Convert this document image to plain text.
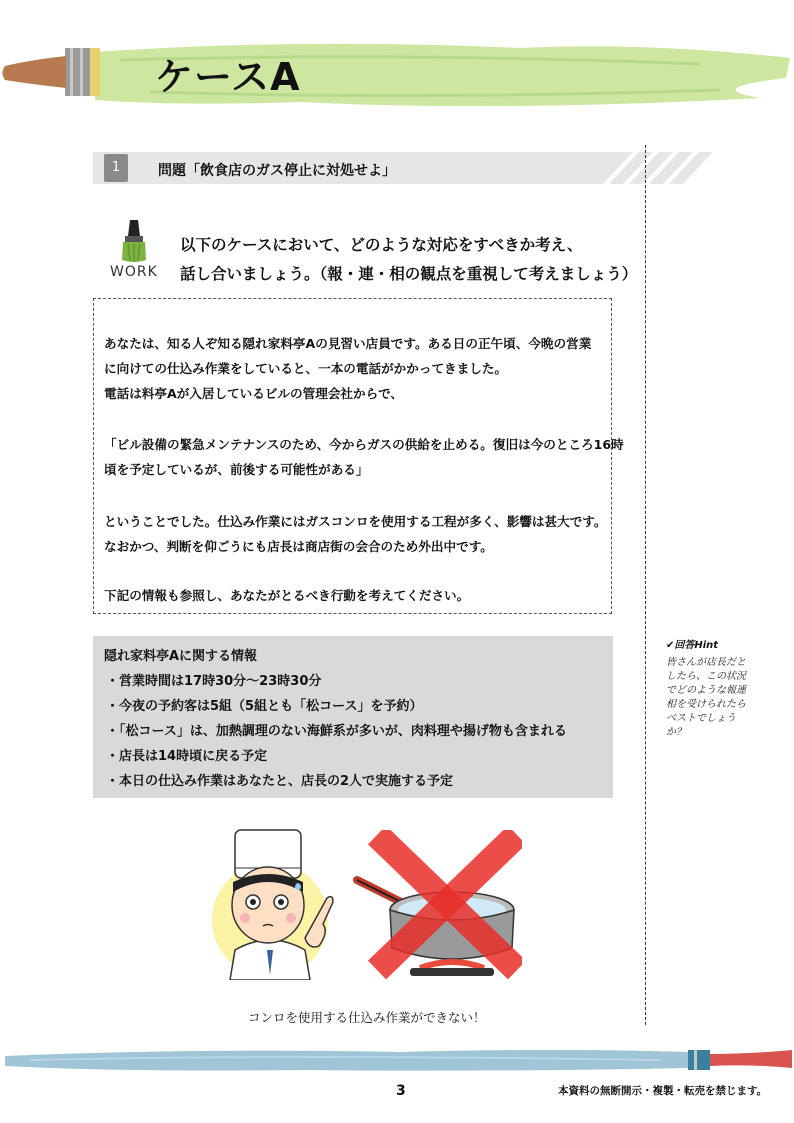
ケースA
1	問題「飲食店のガス停止に対処せよ」
WORK
以下のケースにおいて、どのような対応をすべきか考え、
話し合いましょう。（報・連・相の観点を重視して考えましょう）
あなたは、知る人ぞ知る隠れ家料亭Aの見習い店員です。ある日の正午頃、今晩の営業
に向けての仕込み作業をしていると、一本の電話がかかってきました。
電話は料亭Aが入居しているビルの管理会社からで、
「ビル設備の緊急メンテナンスのため、今からガスの供給を止める。復旧は今のところ16時
頃を予定しているが、前後する可能性がある」
ということでした。仕込み作業にはガスコンロを使用する工程が多く、影響は甚大です。
なおかつ、判断を仰ごうにも店長は商店街の会合のため外出中です。
下記の情報も参照し、あなたがとるべき行動を考えてください。
隠れ家料亭Aに関する情報
・営業時間は17時30分～23時30分
・今夜の予約客は5組（5組とも「松コース」を予約）
・「松コース」は、加熱調理のない海鮮系が多いが、肉料理や揚げ物も含まれる
・店長は14時頃に戻る予定
・本日の仕込み作業はあなたと、店長の2人で実施する予定
✔回答Hint
皆さんが店長だと
したら、この状況
でどのような報連
相を受けられたら
ベストでしょう
か？
コンロを使用する仕込み作業ができない！
3	本資料の無断開示・複製・転売を禁じます。
